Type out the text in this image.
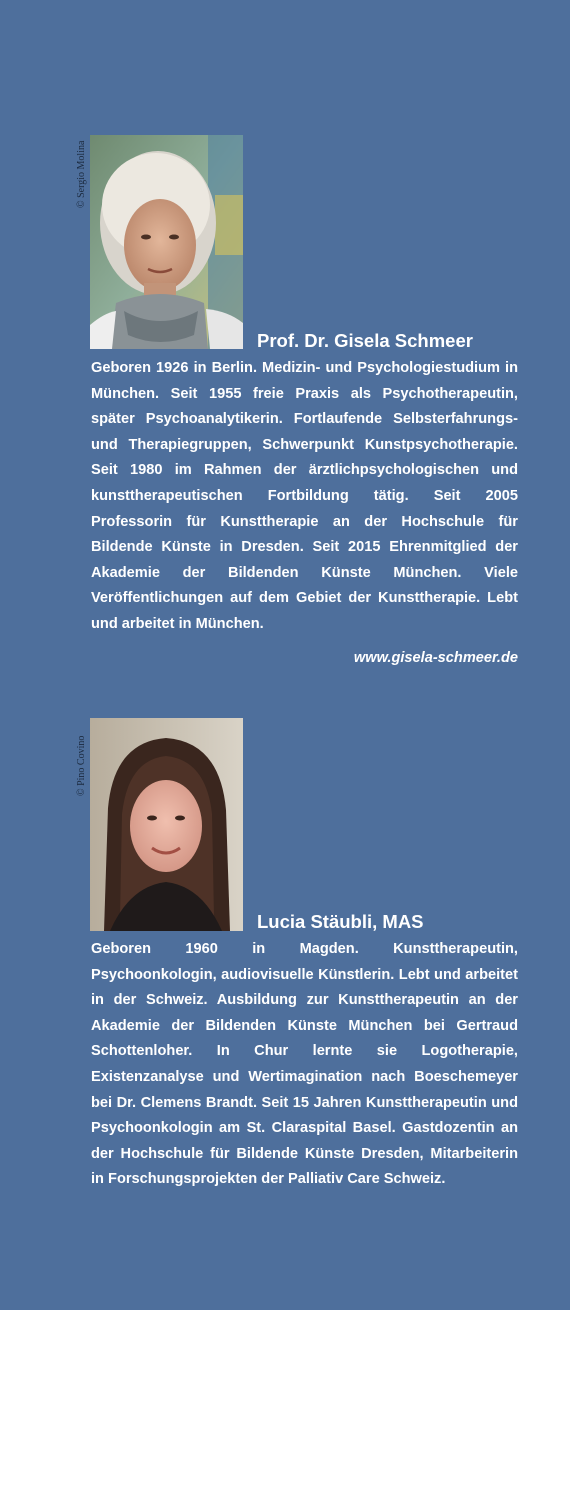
© Sergio Molina
Prof. Dr. Gisela Schmeer

Geboren 1926 in Berlin. Medizin- und Psychologiestudium in München. Seit 1955 freie Praxis als Psychotherapeutin, später Psychoanalytikerin. Fortlaufende Selbsterfahrungs- und Therapiegruppen, Schwerpunkt Kunstpsychotherapie. Seit 1980 im Rahmen der ärztlichpsychologischen und kunsttherapeutischen Fortbildung tätig. Seit 2005 Professorin für Kunsttherapie an der Hochschule für Bildende Künste in Dresden. Seit 2015 Ehrenmitglied der Akademie der Bildenden Künste München. Viele Veröffentlichungen auf dem Gebiet der Kunsttherapie. Lebt und arbeitet in München.

www.gisela-schmeer.de
© Pino Covino
Lucia Stäubli, MAS

Geboren 1960 in Magden. Kunsttherapeutin, Psychoonkologin, audiovisuelle Künstlerin. Lebt und arbeitet in der Schweiz. Ausbildung zur Kunsttherapeutin an der Akademie der Bildenden Künste München bei Gertraud Schottenloher. In Chur lernte sie Logotherapie, Existenzanalyse und Wertimagination nach Boeschemeyer bei Dr. Clemens Brandt. Seit 15 Jahren Kunsttherapeutin und Psychoonkologin am St. Claraspital Basel. Gastdozentin an der Hochschule für Bildende Künste Dresden, Mitarbeiterin in Forschungsprojekten der Palliativ Care Schweiz.
